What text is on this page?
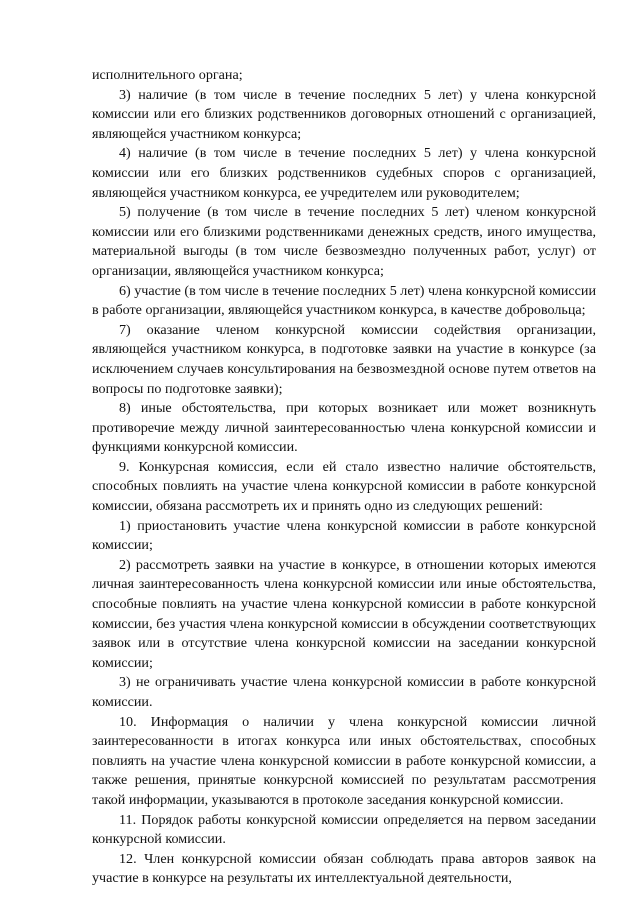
исполнительного органа;

3) наличие (в том числе в течение последних 5 лет) у члена конкурсной комиссии или его близких родственников договорных отношений с организацией, являющейся участником конкурса;

4) наличие (в том числе в течение последних 5 лет) у члена конкурсной комиссии или его близких родственников судебных споров с организацией, являющейся участником конкурса, ее учредителем или руководителем;

5) получение (в том числе в течение последних 5 лет) членом конкурсной комиссии или его близкими родственниками денежных средств, иного имущества, материальной выгоды (в том числе безвозмездно полученных работ, услуг) от организации, являющейся участником конкурса;

6) участие (в том числе в течение последних 5 лет) члена конкурсной комиссии в работе организации, являющейся участником конкурса, в качестве добровольца;

7) оказание членом конкурсной комиссии содействия организации, являющейся участником конкурса, в подготовке заявки на участие в конкурсе (за исключением случаев консультирования на безвозмездной основе путем ответов на вопросы по подготовке заявки);

8) иные обстоятельства, при которых возникает или может возникнуть противоречие между личной заинтересованностью члена конкурсной комиссии и функциями конкурсной комиссии.

9. Конкурсная комиссия, если ей стало известно наличие обстоятельств, способных повлиять на участие члена конкурсной комиссии в работе конкурсной комиссии, обязана рассмотреть их и принять одно из следующих решений:

1) приостановить участие члена конкурсной комиссии в работе конкурсной комиссии;

2) рассмотреть заявки на участие в конкурсе, в отношении которых имеются личная заинтересованность члена конкурсной комиссии или иные обстоятельства, способные повлиять на участие члена конкурсной комиссии в работе конкурсной комиссии, без участия члена конкурсной комиссии в обсуждении соответствующих заявок или в отсутствие члена конкурсной комиссии на заседании конкурсной комиссии;

3) не ограничивать участие члена конкурсной комиссии в работе конкурсной комиссии.

10. Информация о наличии у члена конкурсной комиссии личной заинтересованности в итогах конкурса или иных обстоятельствах, способных повлиять на участие члена конкурсной комиссии в работе конкурсной комиссии, а также решения, принятые конкурсной комиссией по результатам рассмотрения такой информации, указываются в протоколе заседания конкурсной комиссии.

11. Порядок работы конкурсной комиссии определяется на первом заседании конкурсной комиссии.

12. Член конкурсной комиссии обязан соблюдать права авторов заявок на участие в конкурсе на результаты их интеллектуальной деятельности,
